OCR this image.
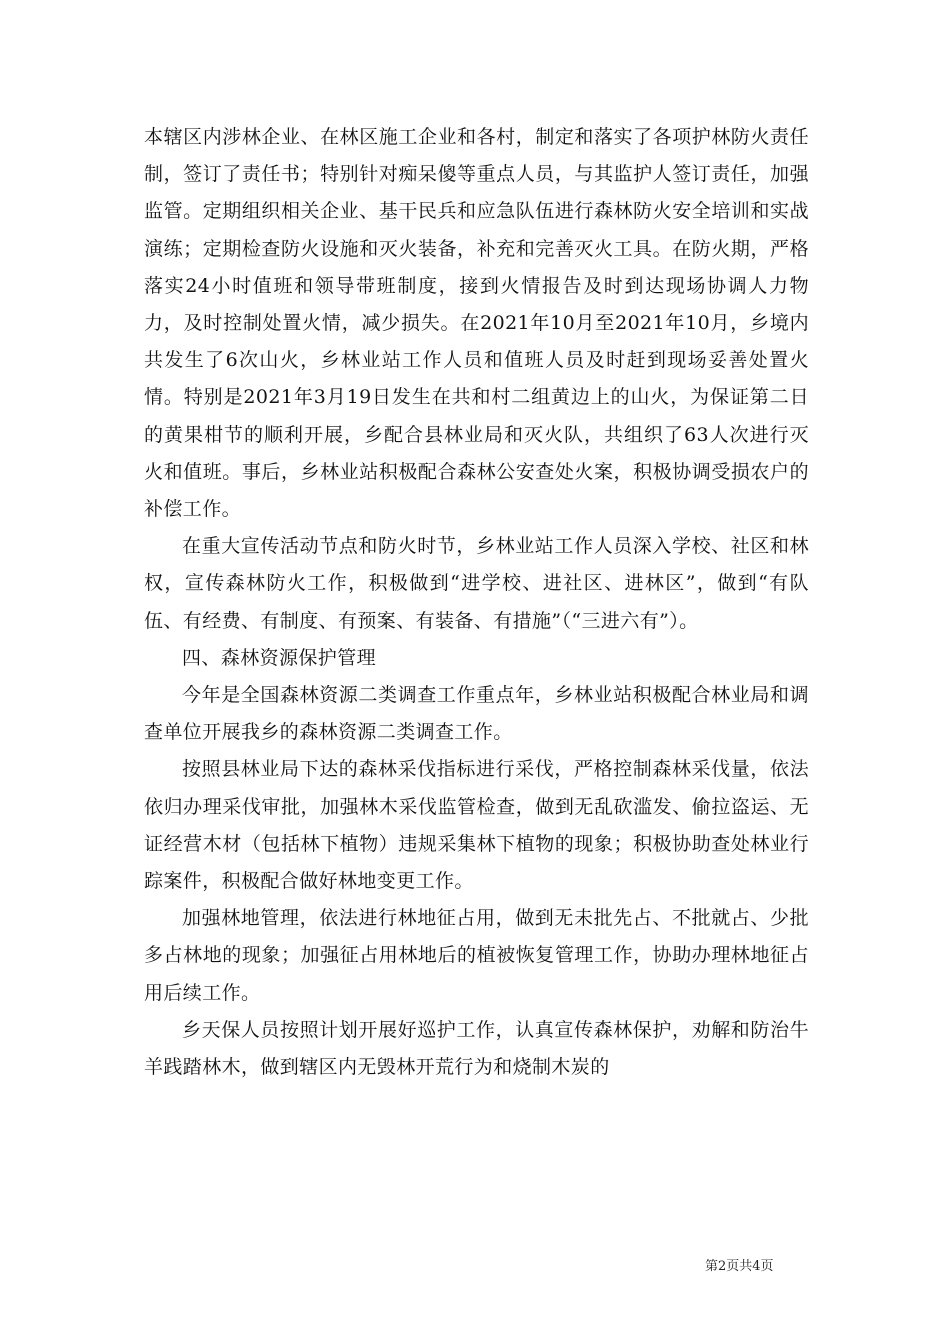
本辖区内涉林企业、在林区施工企业和各村，制定和落实了各项护林防火责任制，签订了责任书；特别针对痴呆傻等重点人员，与其监护人签订责任，加强监管。定期组织相关企业、基干民兵和应急队伍进行森林防火安全培训和实战演练；定期检查防火设施和灭火装备，补充和完善灭火工具。在防火期，严格落实24小时值班和领导带班制度，接到火情报告及时到达现场协调人力物力，及时控制处置火情，减少损失。在2021年10月至2021年10月，乡境内共发生了6次山火，乡林业站工作人员和值班人员及时赶到现场妥善处置火情。特别是2021年3月19日发生在共和村二组黄边上的山火，为保证第二日的黄果柑节的顺利开展，乡配合县林业局和灭火队，共组织了63人次进行灭火和值班。事后，乡林业站积极配合森林公安查处火案，积极协调受损农户的补偿工作。

在重大宣传活动节点和防火时节，乡林业站工作人员深入学校、社区和林权，宣传森林防火工作，积极做到“进学校、进社区、进林区”，做到“有队伍、有经费、有制度、有预案、有装备、有措施”（“三进六有”）。

四、森林资源保护管理

今年是全国森林资源二类调查工作重点年，乡林业站积极配合林业局和调查单位开展我乡的森林资源二类调查工作。

按照县林业局下达的森林采伐指标进行采伐，严格控制森林采伐量，依法依归办理采伐审批，加强林木采伐监管检查，做到无乱砍滥发、偷拉盗运、无证经营木材（包括林下植物）违规采集林下植物的现象；积极协助查处林业行踪案件，积极配合做好林地变更工作。

加强林地管理，依法进行林地征占用，做到无未批先占、不批就占、少批多占林地的现象；加强征占用林地后的植被恢复管理工作，协助办理林地征占用后续工作。

乡天保人员按照计划开展好巡护工作，认真宣传森林保护，劝解和防治牛羊践踏林木，做到辖区内无毁林开荒行为和烧制木炭的

第2页共4页
